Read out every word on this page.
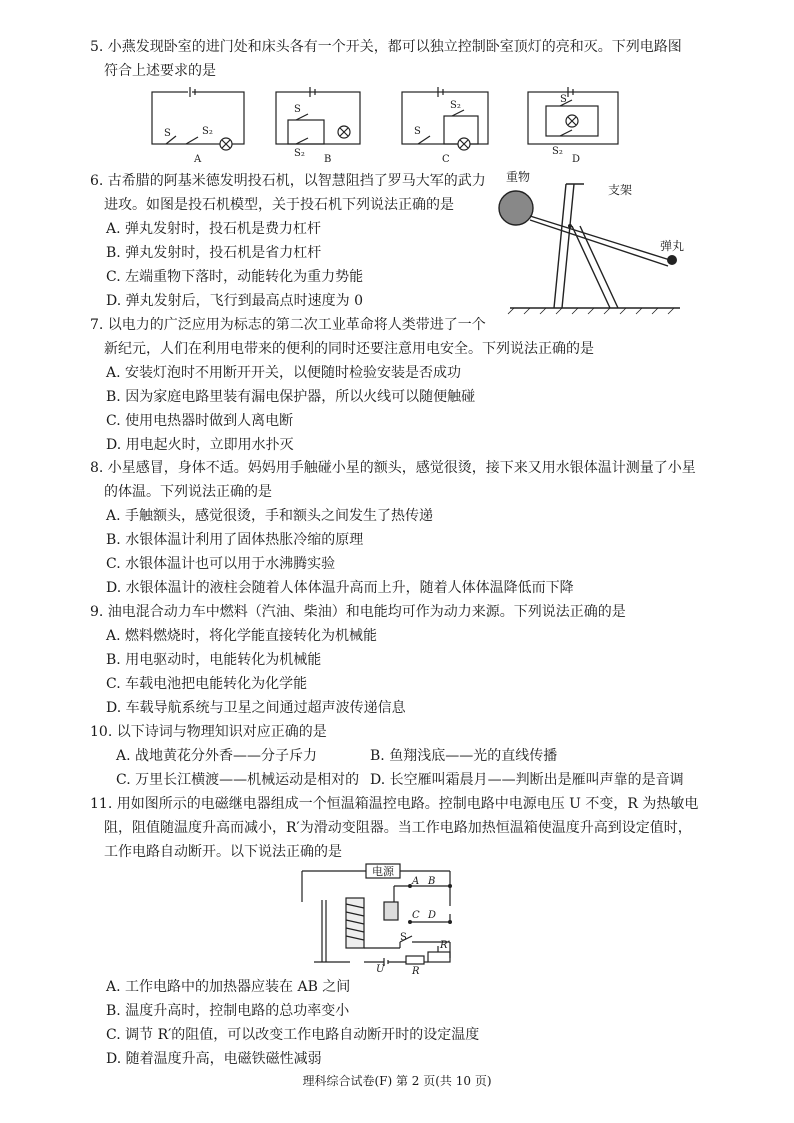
5. 小燕发现卧室的进门处和床头各有一个开关，都可以独立控制卧室顶灯的亮和灭。下列电路图
符合上述要求的是
S	S₂
A
S
S₂
B
S
S₂
C
S
S₂
D
6. 古希腊的阿基米德发明投石机，以智慧阻挡了罗马大军的武力
进攻。如图是投石机模型，关于投石机下列说法正确的是
A. 弹丸发射时，投石机是费力杠杆
B. 弹丸发射时，投石机是省力杠杆
C. 左端重物下落时，动能转化为重力势能
D. 弹丸发射后，飞行到最高点时速度为 0
重物
支架
弹丸
7. 以电力的广泛应用为标志的第二次工业革命将人类带进了一个
新纪元，人们在利用电带来的便利的同时还要注意用电安全。下列说法正确的是
A. 安装灯泡时不用断开开关，以便随时检验安装是否成功
B. 因为家庭电路里装有漏电保护器，所以火线可以随便触碰
C. 使用电热器时做到人离电断
D. 用电起火时，立即用水扑灭
8. 小星感冒，身体不适。妈妈用手触碰小星的额头，感觉很烫，接下来又用水银体温计测量了小星
的体温。下列说法正确的是
A. 手触额头，感觉很烫，手和额头之间发生了热传递
B. 水银体温计利用了固体热胀冷缩的原理
C. 水银体温计也可以用于水沸腾实验
D. 水银体温计的液柱会随着人体体温升高而上升，随着人体体温降低而下降
9. 油电混合动力车中燃料（汽油、柴油）和电能均可作为动力来源。下列说法正确的是
A. 燃料燃烧时，将化学能直接转化为机械能
B. 用电驱动时，电能转化为机械能
C. 车载电池把电能转化为化学能
D. 车载导航系统与卫星之间通过超声波传递信息
10. 以下诗词与物理知识对应正确的是
A. 战地黄花分外香——分子斥力	B. 鱼翔浅底——光的直线传播
C. 万里长江横渡——机械运动是相对的 D. 长空雁叫霜晨月——判断出是雁叫声靠的是音调
11. 用如图所示的电磁继电器组成一个恒温箱温控电路。控制电路中电源电压 U 不变，R 为热敏电
阻，阻值随温度升高而减小，R′为滑动变阻器。当工作电路加热恒温箱使温度升高到设定值时，
工作电路自动断开。以下说法正确的是
电源
A B
C D
S
U	R
R′
A. 工作电路中的加热器应装在 AB 之间
B. 温度升高时，控制电路的总功率变小
C. 调节 R′的阻值，可以改变工作电路自动断开时的设定温度
D. 随着温度升高，电磁铁磁性减弱
理科综合试卷(F) 第 2 页(共 10 页)
